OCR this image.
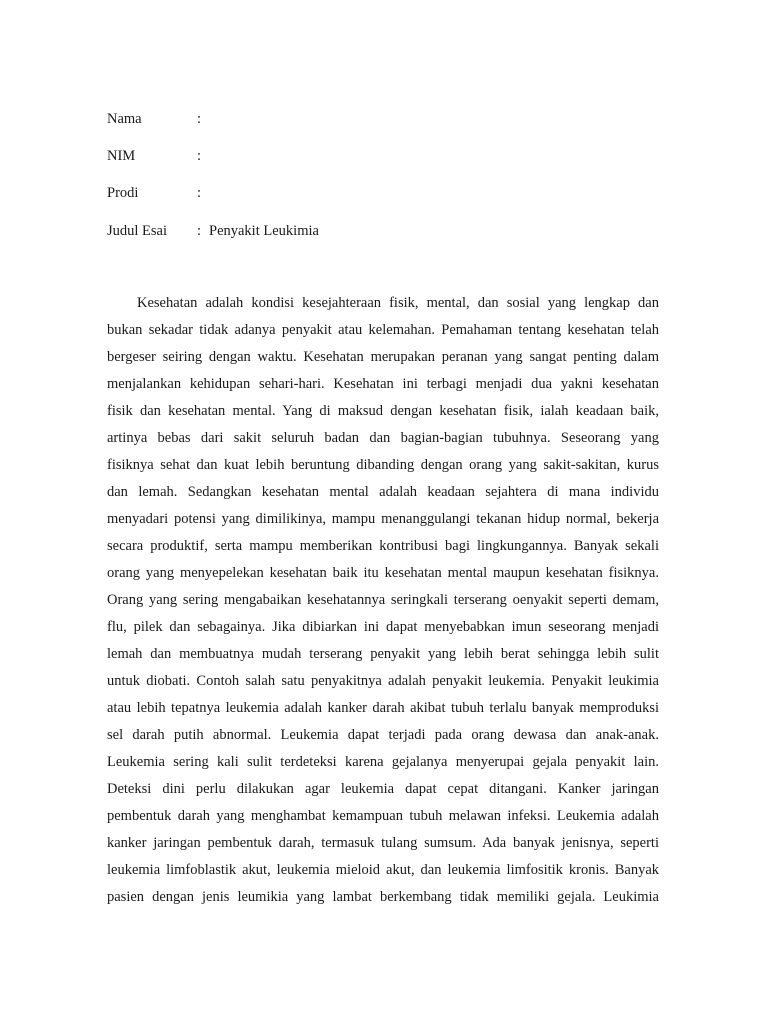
Nama	:
NIM	:
Prodi	:
Judul Esai : Penyakit Leukimia
Kesehatan adalah kondisi kesejahteraan fisik, mental, dan sosial yang lengkap dan
bukan sekadar tidak adanya penyakit atau kelemahan. Pemahaman tentang kesehatan telah
bergeser seiring dengan waktu. Kesehatan merupakan peranan yang sangat penting dalam
menjalankan kehidupan sehari-hari. Kesehatan ini terbagi menjadi dua yakni kesehatan
fisik dan kesehatan mental. Yang di maksud dengan kesehatan fisik, ialah keadaan baik,
artinya bebas dari sakit seluruh badan dan bagian-bagian tubuhnya. Seseorang yang
fisiknya sehat dan kuat lebih beruntung dibanding dengan orang yang sakit-sakitan, kurus
dan lemah. Sedangkan kesehatan mental adalah keadaan sejahtera di mana individu
menyadari potensi yang dimilikinya, mampu menanggulangi tekanan hidup normal, bekerja
secara produktif, serta mampu memberikan kontribusi bagi lingkungannya. Banyak sekali
orang yang menyepelekan kesehatan baik itu kesehatan mental maupun kesehatan fisiknya.
Orang yang sering mengabaikan kesehatannya seringkali terserang oenyakit seperti demam,
flu, pilek dan sebagainya. Jika dibiarkan ini dapat menyebabkan imun seseorang menjadi
lemah dan membuatnya mudah terserang penyakit yang lebih berat sehingga lebih sulit
untuk diobati. Contoh salah satu penyakitnya adalah penyakit leukemia. Penyakit leukimia
atau lebih tepatnya leukemia adalah kanker darah akibat tubuh terlalu banyak memproduksi
sel darah putih abnormal. Leukemia dapat terjadi pada orang dewasa dan anak-anak.
Leukemia sering kali sulit terdeteksi karena gejalanya menyerupai gejala penyakit lain.
Deteksi dini perlu dilakukan agar leukemia dapat cepat ditangani. Kanker jaringan
pembentuk darah yang menghambat kemampuan tubuh melawan infeksi. Leukemia adalah
kanker jaringan pembentuk darah, termasuk tulang sumsum. Ada banyak jenisnya, seperti
leukemia limfoblastik akut, leukemia mieloid akut, dan leukemia limfositik kronis. Banyak
pasien dengan jenis leumikia yang lambat berkembang tidak memiliki gejala. Leukimia
